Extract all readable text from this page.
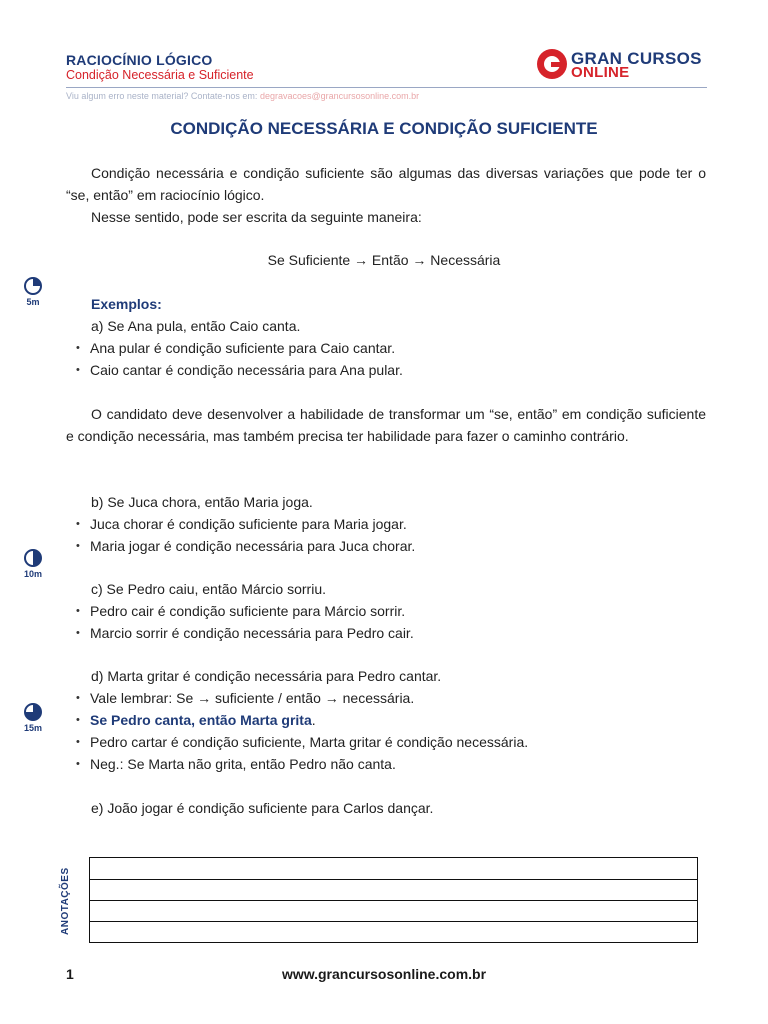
RACIOCÍNIO LÓGICO
Condição Necessária e Suficiente
GRAN CURSOS
ONLINE
Viu algum erro neste material? Contate-nos em: degravacoes@grancursosonline.com.br
CONDIÇÃO NECESSÁRIA E CONDIÇÃO SUFICIENTE
Condição necessária e condição suficiente são algumas das diversas variações que pode ter o “se, então” em raciocínio lógico.
Nesse sentido, pode ser escrita da seguinte maneira:
Se Suficiente → Então → Necessária
5m
10m
15m
Exemplos:
a) Se Ana pula, então Caio canta.
• Ana pular é condição suficiente para Caio cantar.
• Caio cantar é condição necessária para Ana pular.
O candidato deve desenvolver a habilidade de transformar um “se, então” em condição suficiente e condição necessária, mas também precisa ter habilidade para fazer o caminho contrário.
b) Se Juca chora, então Maria joga.
• Juca chorar é condição suficiente para Maria jogar.
• Maria jogar é condição necessária para Juca chorar.
c) Se Pedro caiu, então Márcio sorriu.
• Pedro cair é condição suficiente para Márcio sorrir.
• Marcio sorrir é condição necessária para Pedro cair.
d) Marta gritar é condição necessária para Pedro cantar.
• Vale lembrar: Se → suficiente / então → necessária.
• Se Pedro canta, então Marta grita.
• Pedro cartar é condição suficiente, Marta gritar é condição necessária.
• Neg.: Se Marta não grita, então Pedro não canta.
e) João jogar é condição suficiente para Carlos dançar.
ANOTAÇÕES
www.grancursosonline.com.br
1
